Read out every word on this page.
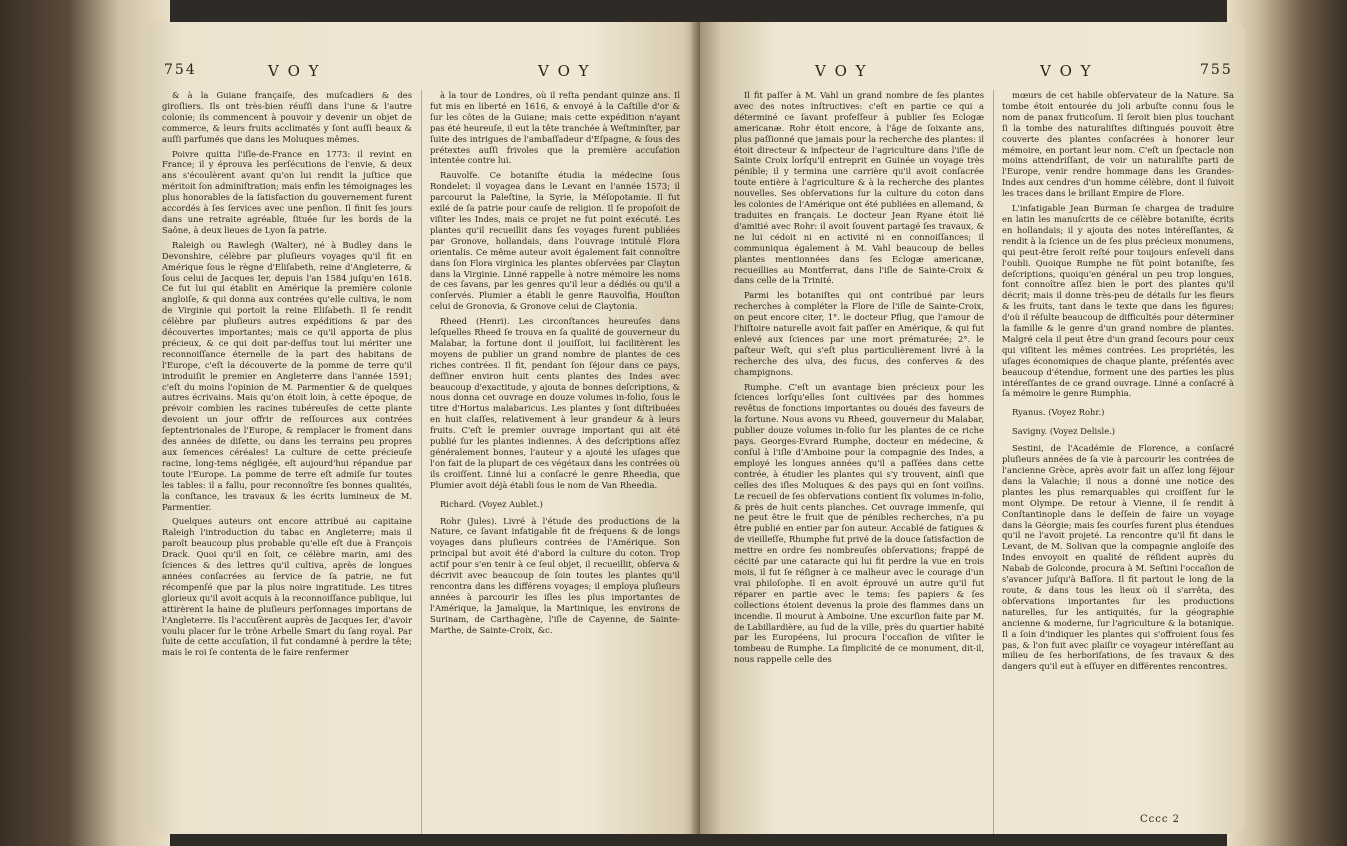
754	V O Y	V O Y

& à la Guiane françaiſe, des muſcadiers & des giroſliers. Ils ont très-bien réuſſi dans l'une & l'autre colonie; ils commencent à pouvoir y devenir un objet de commerce, & leurs fruits acclimatés y ſont auſſi beaux & auſſi parfumés que dans les Moluques mêmes.

Poivre quitta l'iſle-de-France en 1773: il revint en France; il y éprouva les perſécutions de l'envie, & deux ans s'écoulèrent avant qu'on lui rendit la juſtice que méritoit ſon adminiſtration; mais enfin les témoignages les plus honorables de la ſatisfaction du gouvernement furent accordés à ſes ſervices avec une penſion. Il finit ſes jours dans une retraite agréable, ſituée ſur les bords de la Saône, à deux lieues de Lyon ſa patrie.

Raleigh ou Rawlegh (Walter), né à Budley dans le Devonshire, célèbre par pluſieurs voyages qu'il fit en Amérique ſous le règne d'Eliſabeth, reine d'Angleterre, & ſous celui de Jacques Ier, depuis l'an 1584 juſqu'en 1618. Ce fut lui qui établit en Amérique la première colonie angloiſe, & qui donna aux contrées qu'elle cultiva, le nom de Virginie qui portoit la reine Eliſabeth. Il ſe rendit célèbre par pluſieurs autres expéditions & par des découvertes importantes; mais ce qu'il apporta de plus précieux, & ce qui doit par-deſſus tout lui mériter une reconnoiſſance éternelle de la part des habitans de l'Europe, c'eſt la découverte de la pomme de terre qu'il introduiſit le premier en Angleterre dans l'année 1591; c'eſt du moins l'opinion de M. Parmentier & de quelques autres écrivains. Mais qu'on étoit loin, à cette époque, de prévoir combien les racines tubéreuſes de cette plante devoient un jour offrir de reſſources aux contrées ſeptentrionales de l'Europe, & remplacer le froment dans des années de diſette, ou dans les terrains peu propres aux ſemences céréales! La culture de cette précieuſe racine, long-tems négligée, eſt aujourd'hui répandue par toute l'Europe. La pomme de terre eſt admiſe ſur toutes les tables: il a fallu, pour reconnoître ſes bonnes qualités, la conſtance, les travaux & les écrits lumineux de M. Parmentier.

Quelques auteurs ont encore attribué au capitaine Raleigh l'introduction du tabac en Angleterre; mais il paroît beaucoup plus probable qu'elle eſt due à François Drack. Quoi qu'il en ſoit, ce célèbre marin, ami des ſciences & des lettres qu'il cultiva, après de longues années conſacrées au ſervice de ſa patrie, ne fut récompenſé que par la plus noire ingratitude. Les titres glorieux qu'il avoit acquis à la reconnoiſſance publique, lui attirèrent la haine de pluſieurs perſonnages importans de l'Angleterre. Ils l'accuſèrent auprès de Jacques Ier, d'avoir voulu placer ſur le trône Arbelle Smart du ſang royal. Par ſuite de cette accuſation, il fut condamné à perdre la tête; mais le roi ſe contenta de le faire renfermer

à la tour de Londres, où il reſta pendant quinze ans. Il fut mis en liberté en 1616, & envoyé à la Caſtille d'or & ſur les côtes de la Guiane; mais cette expédition n'ayant pas été heureuſe, il eut la tête tranchée à Weſtminſter, par ſuite des intrigues de l'ambaſſadeur d'Eſpagne, & ſous des prétextes auſſi frivoles que la première accuſation intentée contre lui.

Rauvolfe. Ce botaniſte étudia la médecine ſous Rondelet: il voyagea dans le Levant en l'année 1573; il parcourut la Paleſtine, la Syrie, la Méſopotamie. Il fut exilé de ſa patrie pour cauſe de religion. Il ſe propoſoit de viſiter les Indes, mais ce projet ne fut point exécuté. Les plantes qu'il recueillit dans ſes voyages furent publiées par Gronove, hollandais, dans l'ouvrage intitulé Flora orientalis. Ce même auteur avoit également fait connoître dans ſon Flora virginica les plantes obſervées par Clayton dans la Virginie. Linné rappelle à notre mémoire les noms de ces ſavans, par les genres qu'il leur a dédiés ou qu'il a conſervés. Plumier a établi le genre Rauvolfia, Houſton celui de Gronovia, & Gronove celui de Claytonia.

Rheed (Henri). Les circonſtances heureuſes dans leſquelles Rheed ſe trouva en ſa qualité de gouverneur du Malabar, la fortune dont il jouiſſoit, lui facilitèrent les moyens de publier un grand nombre de plantes de ces riches contrées. Il fit, pendant ſon ſéjour dans ce pays, deſſiner environ huit cents plantes des Indes avec beaucoup d'exactitude, y ajouta de bonnes deſcriptions, & nous donna cet ouvrage en douze volumes in-folio, ſous le titre d'Hortus malabaricus. Les plantes y ſont diſtribuées en huit claſſes, relativement à leur grandeur & à leurs fruits. C'eſt le premier ouvrage important qui ait été publié ſur les plantes indiennes. À des deſcriptions aſſez généralement bonnes, l'auteur y a ajouté les uſages que l'on fait de la plupart de ces végétaux dans les contrées où ils croiſſent. Linné lui a conſacré le genre Rheedia, que Plumier avoit déjà établi ſous le nom de Van Rheedia.

Richard. (Voyez Aublet.)

Rohr (Jules). Livré à l'étude des productions de la Nature, ce ſavant infatigable fit de fréquens & de longs voyages dans pluſieurs contrées de l'Amérique. Son principal but avoit été d'abord la culture du coton. Trop actif pour s'en tenir à ce ſeul objet, il recueillit, obſerva & décrivit avec beaucoup de ſoin toutes les plantes qu'il rencontra dans les différens voyages; il employa pluſieurs années à parcourir les iſles les plus importantes de l'Amérique, la Jamaïque, la Martinique, les environs de Surinam, de Carthagène, l'iſle de Cayenne, de Sainte-Marthe, de Sainte-Croix, &c.

V O Y	V O Y	755

Il fit paſſer à M. Vahl un grand nombre de ſes plantes avec des notes inſtructives: c'eſt en partie ce qui a déterminé ce ſavant profeſſeur à publier ſes Eclogæ americanæ. Rohr étoit encore, à l'âge de ſoixante ans, plus paſſionné que jamais pour la recherche des plantes: il étoit directeur & inſpecteur de l'agriculture dans l'iſle de Sainte Croix lorſqu'il entreprit en Guinée un voyage très pénible; il y termina une carrière qu'il avoit conſacrée toute entière à l'agriculture & à la recherche des plantes nouvelles. Ses obſervations ſur la culture du coton dans les colonies de l'Amérique ont été publiées en allemand, & traduites en français. Le docteur Jean Ryane étoit lié d'amitié avec Rohr: il avoit ſouvent partagé ſes travaux, & ne lui cédoit ni en activité ni en connoiſſances; il communiqua également à M. Vahl beaucoup de belles plantes mentionnées dans ſes Eclogæ americanæ, recueillies au Montferrat, dans l'iſle de Sainte-Croix & dans celle de la Trinité.

Parmi les botaniſtes qui ont contribué par leurs recherches à compléter la Flore de l'iſle de Sainte-Croix, on peut encore citer, 1°. le docteur Pflug, que l'amour de l'hiſtoire naturelle avoit fait paſſer en Amérique, & qui fut enlevé aux ſciences par une mort prématurée; 2°. le paſteur Weſt, qui s'eſt plus particulièrement livré à la recherche des ulva, des fucus, des conferves & des champignons.

Rumphe. C'eſt un avantage bien précieux pour les ſciences lorſqu'elles ſont cultivées par des hommes revêtus de fonctions importantes ou doués des faveurs de la fortune. Nous avons vu Rheed, gouverneur du Malabar, publier douze volumes in-folio ſur les plantes de ce riche pays. Georges-Evrard Rumphe, docteur en médecine, & conſul à l'iſle d'Amboine pour la compagnie des Indes, a employé les longues années qu'il a paſſées dans cette contrée, à étudier les plantes qui s'y trouvent, ainſi que celles des iſles Moluques & des pays qui en ſont voiſins. Le recueil de ſes obſervations contient ſix volumes in-folio, & près de huit cents planches. Cet ouvrage immenſe, qui ne peut être le fruit que de pénibles recherches, n'a pu être publié en entier par ſon auteur. Accablé de fatigues & de vieilleſſe, Rhumphe fut privé de la douce ſatisfaction de mettre en ordre ſes nombreuſes obſervations; frappé de cécité par une cataracte qui lui fit perdre la vue en trois mois, il fut ſe réſigner à ce malheur avec le courage d'un vrai philoſophe. Il en avoit éprouvé un autre qu'il fut réparer en partie avec le tems: ſes papiers & ſes collections étoient devenus la proie des flammes dans un incendie. Il mourut à Amboine. Une excurſion faite par M. de Labillardière, au ſud de la ville, près du quartier habité par les Européens, lui procura l'occaſion de viſiter le tombeau de Rumphe. La ſimplicité de ce monument, dit-il, nous rappelle celle des

mœurs de cet habile obſervateur de la Nature. Sa tombe étoit entourée du joli arbuſte connu ſous le nom de panax fruticoſum. Il ſeroit bien plus touchant ſi la tombe des naturaliſtes diſtingués pouvoit être couverte des plantes conſacrées à honorer leur mémoire, en portant leur nom. C'eſt un ſpectacle non moins attendriſſant, de voir un naturaliſte parti de l'Europe, venir rendre hommage dans les Grandes-Indes aux cendres d'un homme célèbre, dont il ſuivoit les traces dans le brillant Empire de Flore.

L'infatigable Jean Burman ſe chargea de traduire en latin les manuſcrits de ce célèbre botaniſte, écrits en hollandais; il y ajouta des notes intéreſſantes, & rendit à la ſcience un de ſes plus précieux monumens, qui peut-être ſeroit reſté pour toujours enſeveli dans l'oubli. Quoique Rumphe ne fût point botaniſte, ſes deſcriptions, quoiqu'en général un peu trop longues, font connoître aſſez bien le port des plantes qu'il décrit; mais il donne très-peu de détails ſur les fleurs & les fruits, tant dans le texte que dans les figures: d'où il réſulte beaucoup de difficultés pour déterminer la famille & le genre d'un grand nombre de plantes. Malgré cela il peut être d'un grand ſecours pour ceux qui viſitent les mêmes contrées. Les propriétés, les uſages économiques de chaque plante, préſentés avec beaucoup d'étendue, forment une des parties les plus intéreſſantes de ce grand ouvrage. Linné a conſacré à ſa mémoire le genre Rumphia.

Ryanus. (Voyez Rohr.)

Savigny. (Voyez Delisle.)

Sestini, de l'Académie de Florence, a conſacré pluſieurs années de ſa vie à parcourir les contrées de l'ancienne Grèce, après avoir fait un aſſez long ſéjour dans la Valachie; il nous a donné une notice des plantes les plus remarquables qui croiſſent ſur le mont Olympe. De retour à Vienne, il ſe rendit à Conſtantinople dans le deſſein de faire un voyage dans la Géorgie; mais ſes courſes furent plus étendues qu'il ne l'avoit projeté. La rencontre qu'il fit dans le Levant, de M. Solivan que la compagnie angloiſe des Indes envoyoit en qualité de réſident auprès du Nabab de Golconde, procura à M. Seſtini l'occaſion de s'avancer juſqu'à Baſſora. Il fit partout le long de la route, & dans tous les lieux où il s'arrêta, des obſervations importantes ſur les productions naturelles, ſur les antiquités, ſur la géographie ancienne & moderne, ſur l'agriculture & la botanique. Il a ſoin d'indiquer les plantes qui s'offroient ſous ſes pas, & l'on fuit avec plaiſir ce voyageur intéreſſant au milieu de ſes herboriſations, de ſes travaux & des dangers qu'il eut à eſſuyer en différentes rencontres.

Cccc 2
